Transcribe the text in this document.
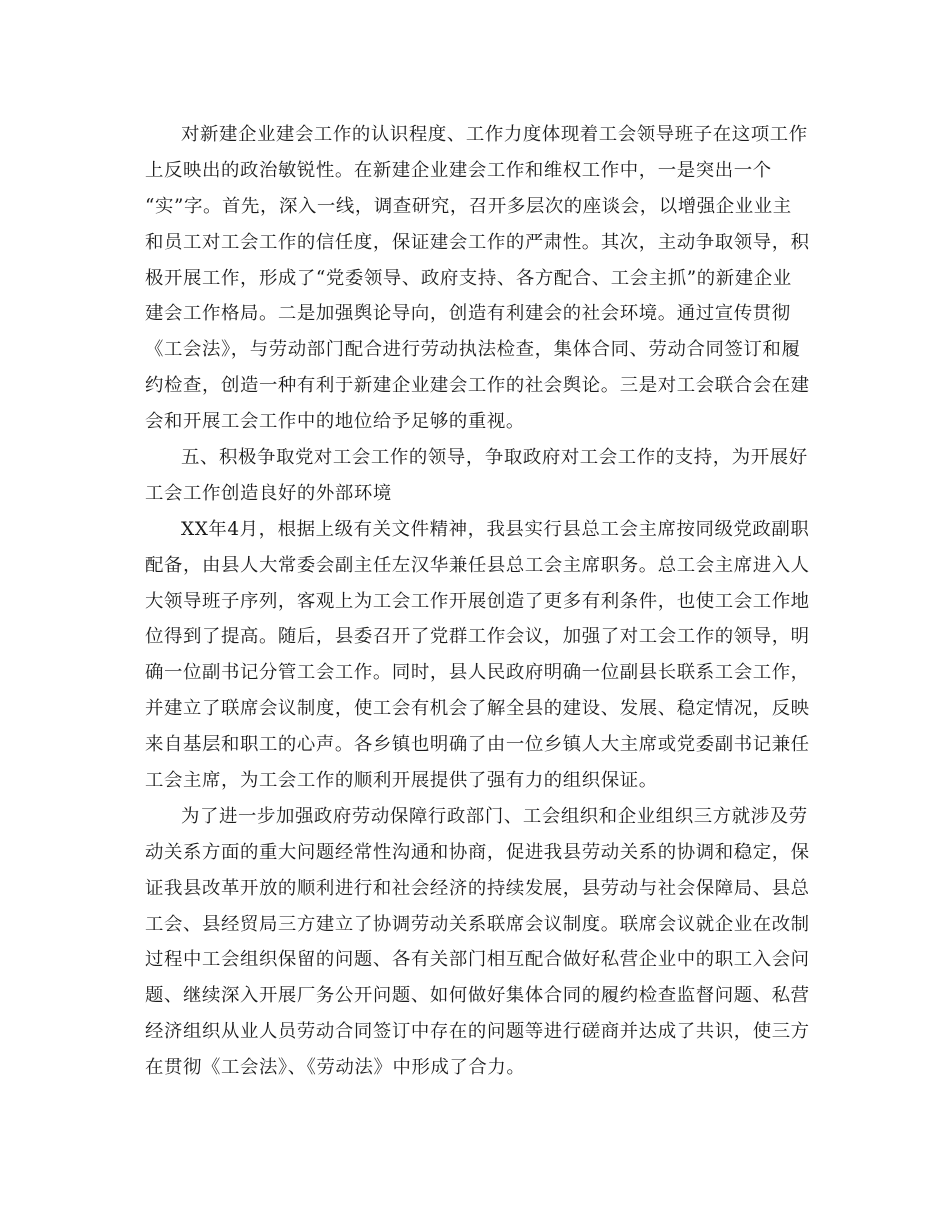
对新建企业建会工作的认识程度、工作力度体现着工会领导班子在这项工作
上反映出的政治敏锐性。在新建企业建会工作和维权工作中，一是突出一个
“实”字。首先，深入一线，调查研究，召开多层次的座谈会，以增强企业业主
和员工对工会工作的信任度，保证建会工作的严肃性。其次，主动争取领导，积
极开展工作，形成了“党委领导、政府支持、各方配合、工会主抓”的新建企业
建会工作格局。二是加强舆论导向，创造有利建会的社会环境。通过宣传贯彻
《工会法》，与劳动部门配合进行劳动执法检查，集体合同、劳动合同签订和履
约检查，创造一种有利于新建企业建会工作的社会舆论。三是对工会联合会在建
会和开展工会工作中的地位给予足够的重视。
五、积极争取党对工会工作的领导，争取政府对工会工作的支持，为开展好
工会工作创造良好的外部环境
XX年4月，根据上级有关文件精神，我县实行县总工会主席按同级党政副职
配备，由县人大常委会副主任左汉华兼任县总工会主席职务。总工会主席进入人
大领导班子序列，客观上为工会工作开展创造了更多有利条件，也使工会工作地
位得到了提高。随后，县委召开了党群工作会议，加强了对工会工作的领导，明
确一位副书记分管工会工作。同时，县人民政府明确一位副县长联系工会工作，
并建立了联席会议制度，使工会有机会了解全县的建设、发展、稳定情况，反映
来自基层和职工的心声。各乡镇也明确了由一位乡镇人大主席或党委副书记兼任
工会主席，为工会工作的顺利开展提供了强有力的组织保证。
为了进一步加强政府劳动保障行政部门、工会组织和企业组织三方就涉及劳
动关系方面的重大问题经常性沟通和协商，促进我县劳动关系的协调和稳定，保
证我县改革开放的顺利进行和社会经济的持续发展，县劳动与社会保障局、县总
工会、县经贸局三方建立了协调劳动关系联席会议制度。联席会议就企业在改制
过程中工会组织保留的问题、各有关部门相互配合做好私营企业中的职工入会问
题、继续深入开展厂务公开问题、如何做好集体合同的履约检查监督问题、私营
经济组织从业人员劳动合同签订中存在的问题等进行磋商并达成了共识，使三方
在贯彻《工会法》、《劳动法》中形成了合力。
